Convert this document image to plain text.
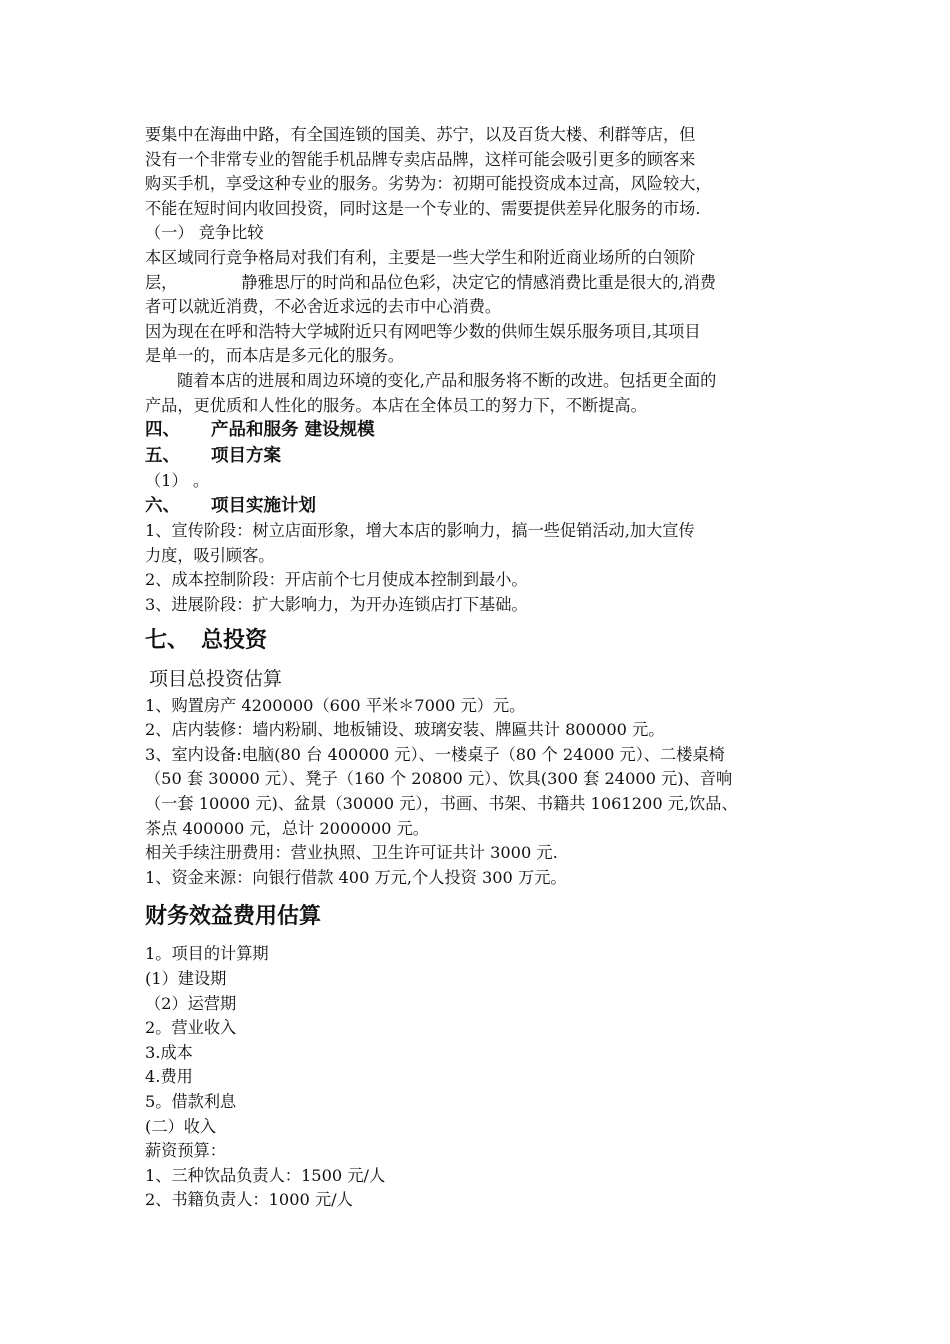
要集中在海曲中路，有全国连锁的国美、苏宁，以及百货大楼、利群等店，但

没有一个非常专业的智能手机品牌专卖店品牌，这样可能会吸引更多的顾客来

购买手机，享受这种专业的服务。劣势为：初期可能投资成本过高，风险较大，

不能在短时间内收回投资，同时这是一个专业的、需要提供差异化服务的市场.

（一） 竞争比较

本区域同行竞争格局对我们有利，主要是一些大学生和附近商业场所的白领阶

层，	静雅思厅的时尚和品位色彩，决定它的情感消费比重是很大的,消费

者可以就近消费，不必舍近求远的去市中心消费。

因为现在在呼和浩特大学城附近只有网吧等少数的供师生娱乐服务项目,其项目

是单一的，而本店是多元化的服务。

随着本店的进展和周边环境的变化,产品和服务将不断的改进。包括更全面的

产品，更优质和人性化的服务。本店在全体员工的努力下，不断提高。

四、 产品和服务 建设规模

五、 项目方案

（1） 。

六、 项目实施计划

1、宣传阶段：树立店面形象，增大本店的影响力，搞一些促销活动,加大宣传

力度，吸引顾客。

2、成本控制阶段：开店前个七月使成本控制到最小。

3、进展阶段：扩大影响力，为开办连锁店打下基础。

七、 总投资

项目总投资估算

1、购置房产 4200000（600 平米＊7000 元）元。

2、店内装修：墙内粉刷、地板铺设、玻璃安装、牌匾共计 800000 元。

3、室内设备:电脑(80 台 400000 元）、一楼桌子（80 个 24000 元）、二楼桌椅

（50 套 30000 元）、凳子（160 个 20800 元）、饮具(300 套 24000 元)、音响

（一套 10000 元)、盆景（30000 元），书画、书架、书籍共 1061200 元,饮品、

茶点 400000 元，总计 2000000 元。

相关手续注册费用：营业执照、卫生许可证共计 3000 元.

1、资金来源：向银行借款 400 万元,个人投资 300 万元。

财务效益费用估算

1。项目的计算期

(1）建设期

（2）运营期

2。营业收入

3.成本

4.费用

5。借款利息

(二）收入

薪资预算：

1、三种饮品负责人：1500 元/人

2、书籍负责人：1000 元/人
